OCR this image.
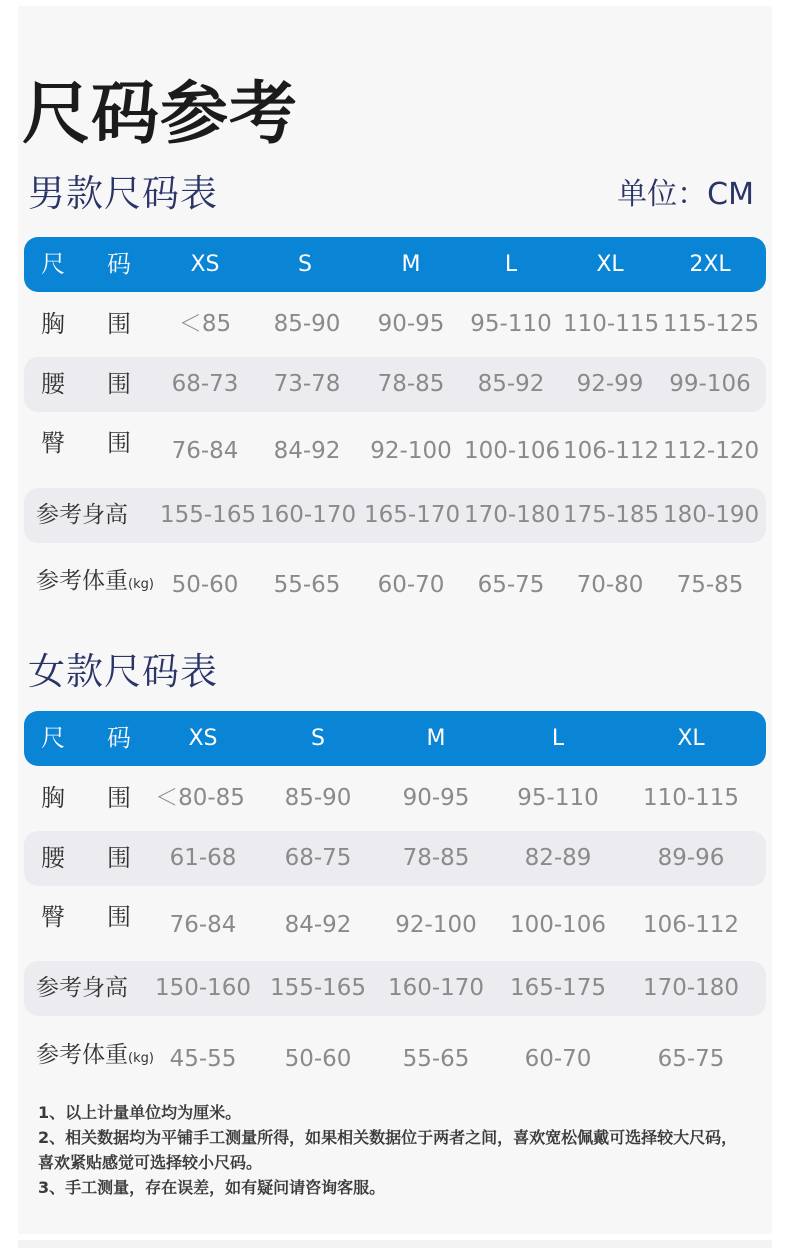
尺码参考
男款尺码表	单位：CM
尺 码	XS	S	M	L	XL	2XL
胸 围	＜85	85-90	90-95	95-110 110-115 115-125
腰 围	68-73	73-78	78-85	85-92	92-99	99-106
臀 围	76-84	84-92	92-100 100-106 106-112 112-120
参考身高 155-165 160-170 165-170 170-180 175-185 180-190
参考体重(kg) 50-60	55-65	60-70	65-75	70-80	75-85
女款尺码表
尺 码	XS	S	M	L	XL
胸 围	＜80-85	85-90	90-95	95-110	110-115
腰 围	61-68	68-75	78-85	82-89	89-96
臀 围	76-84	84-92	92-100	100-106 106-112
参考身高 150-160 155-165 160-170 165-175 170-180
参考体重(kg) 45-55	50-60	55-65	60-70	65-75

1、以上计量单位均为厘米。

2、相关数据均为平铺手工测量所得，如果相关数据位于两者之间，喜欢宽松佩戴可选择较大尺码，喜欢紧贴感觉可选择较小尺码。

3、手工测量，存在误差，如有疑问请咨询客服。
